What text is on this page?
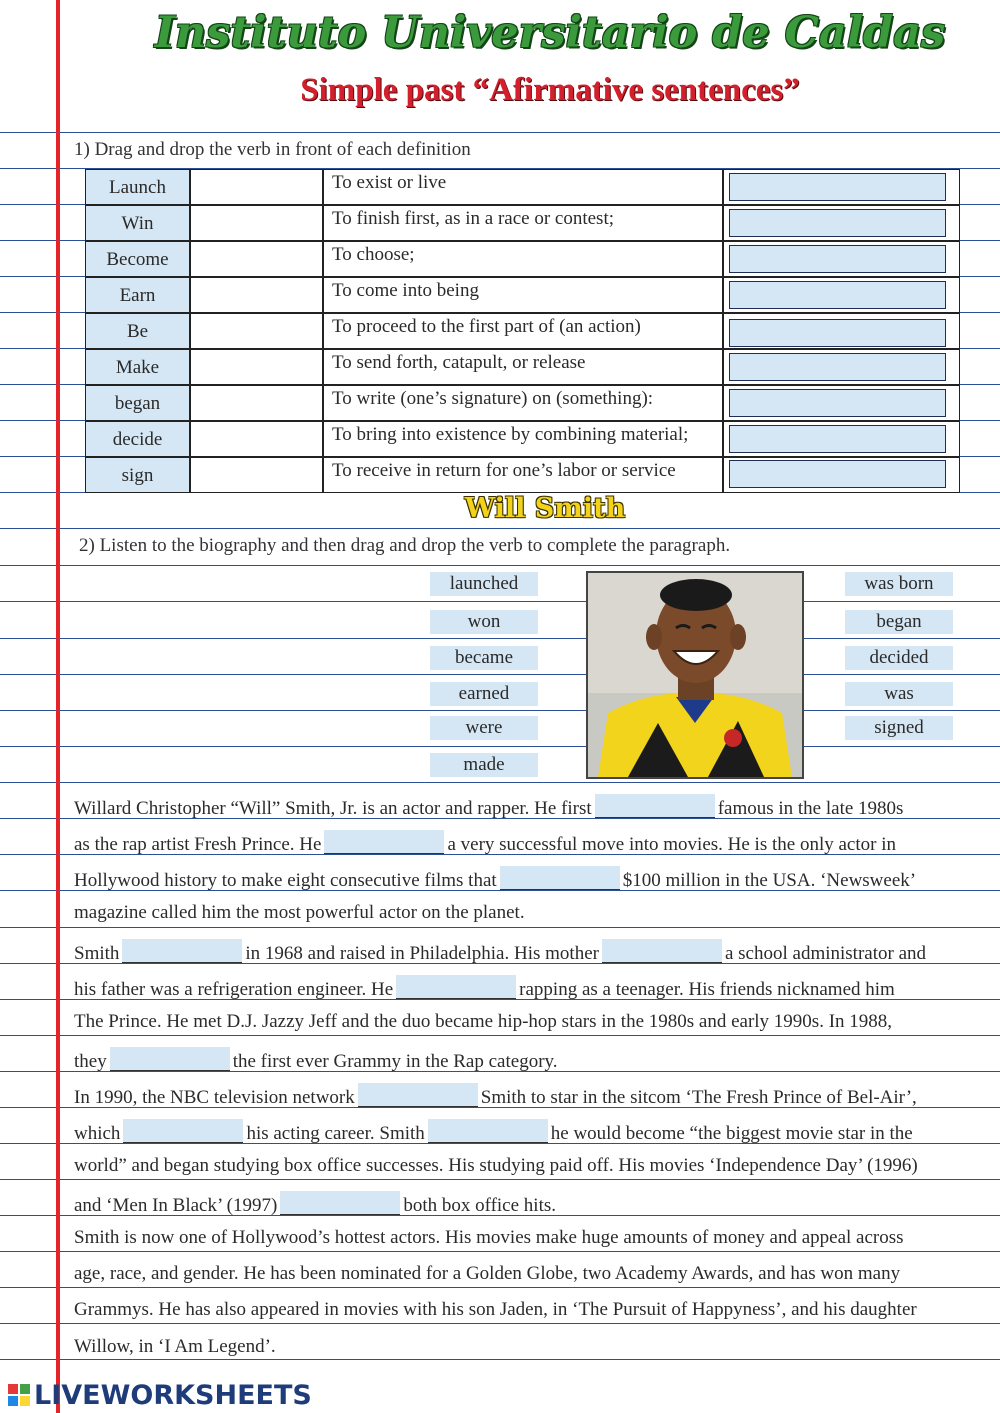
Instituto Universitario de Caldas
Simple past “Afirmative sentences”
1) Drag and drop the verb in front of each definition
Launch	To exist or live
Win	To finish first, as in a race or contest;
Become	To choose;
Earn	To come into being
Be	To proceed to the first part of (an action)
Make	To send forth, catapult, or release
began	To write (one’s signature) on (something):
decide	To bring into existence by combining material;
sign	To receive in return for one’s labor or service
Will Smith
2) Listen to the biography and then drag and drop the verb to complete the paragraph.
launched
won
became
earned
were
made
was born
began
decided
was
signed
Willard Christopher “Will” Smith, Jr. is an actor and rapper. He first	famous in the late 1980s
as the rap artist Fresh Prince. He	a very successful move into movies. He is the only actor in
Hollywood history to make eight consecutive films that	$100 million in the USA. ‘Newsweek’
magazine called him the most powerful actor on the planet.
Smith	in 1968 and raised in Philadelphia. His mother	a school administrator and
his father was a refrigeration engineer. He	rapping as a teenager. His friends nicknamed him
The Prince. He met D.J. Jazzy Jeff and the duo became hip-hop stars in the 1980s and early 1990s. In 1988,
they	the first ever Grammy in the Rap category.
In 1990, the NBC television network	Smith to star in the sitcom ‘The Fresh Prince of Bel-Air’,
which	his acting career. Smith	he would become “the biggest movie star in the
world” and began studying box office successes. His studying paid off. His movies ‘Independence Day’ (1996)
and ‘Men In Black’ (1997)	both box office hits.
Smith is now one of Hollywood’s hottest actors. His movies make huge amounts of money and appeal across
age, race, and gender. He has been nominated for a Golden Globe, two Academy Awards, and has won many
Grammys. He has also appeared in movies with his son Jaden, in ‘The Pursuit of Happyness’, and his daughter
Willow, in ‘I Am Legend’.
LIVEWORKSHEETS
